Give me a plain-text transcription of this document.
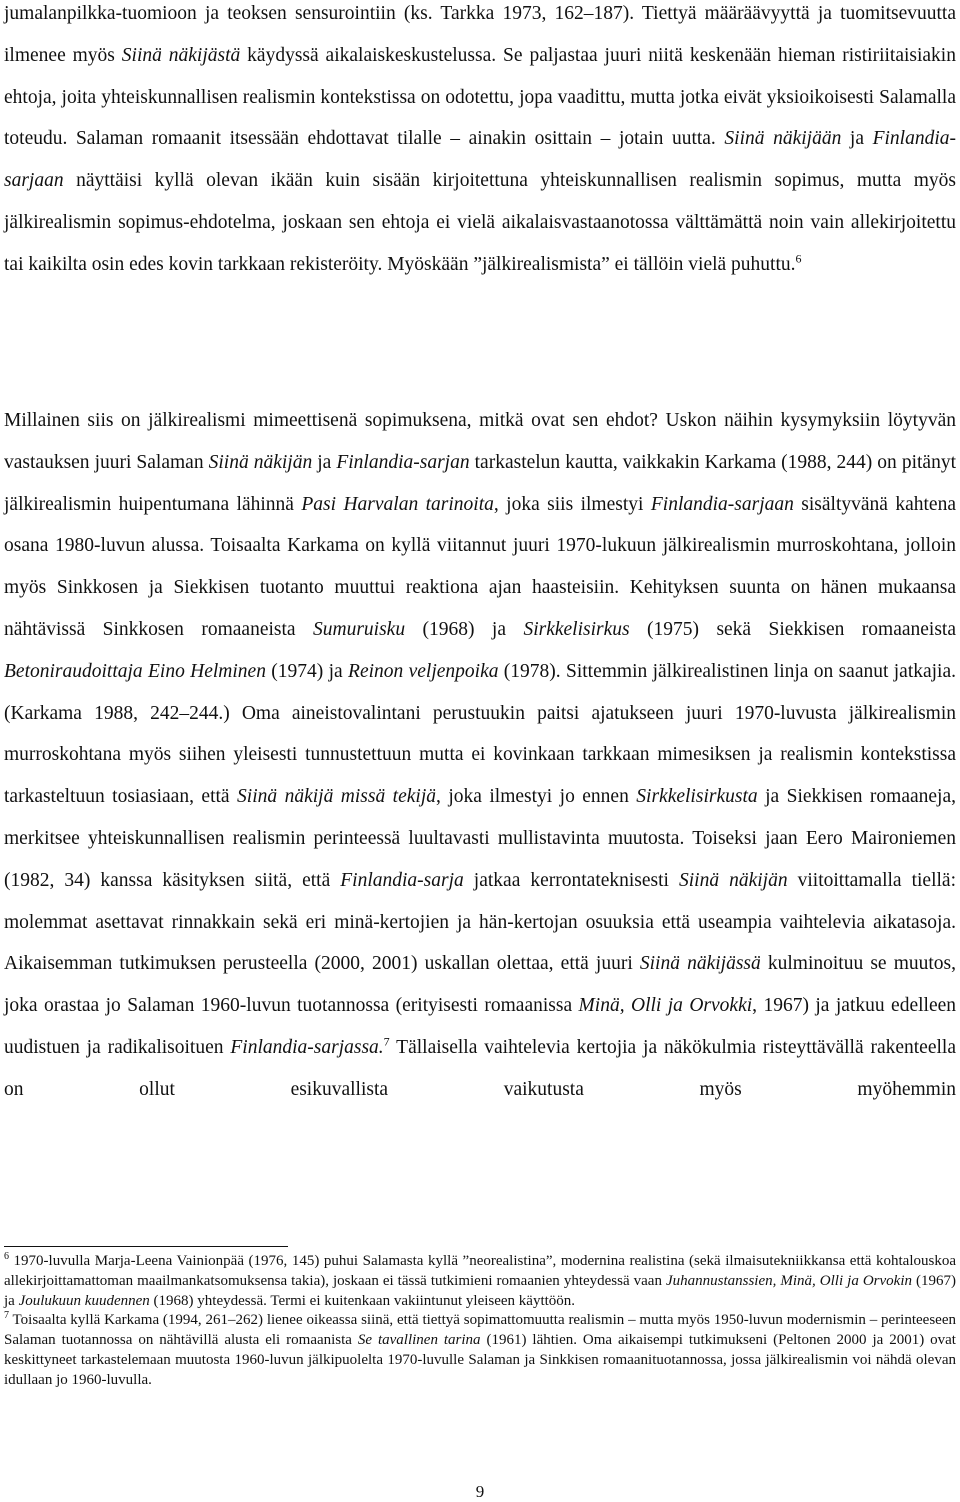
jumalanpilkka-tuomioon ja teoksen sensurointiin (ks. Tarkka 1973, 162–187). Tiettyä määräävyyttä ja tuomitsevuutta ilmenee myös Siinä näkijästä käydyssä aikalaiskeskustelussa. Se paljastaa juuri niitä keskenään hieman ristiriitaisiakin ehtoja, joita yhteiskunnallisen realismin kontekstissa on odotettu, jopa vaadittu, mutta jotka eivät yksioikoisesti Salamalla toteudu. Salaman romaanit itsessään ehdottavat tilalle – ainakin osittain – jotain uutta. Siinä näkijään ja Finlandia-sarjaan näyttäisi kyllä olevan ikään kuin sisään kirjoitettuna yhteiskunnallisen realismin sopimus, mutta myös jälkirealismin sopimus-ehdotelma, joskaan sen ehtoja ei vielä aikalaisvastaanotossa välttämättä noin vain allekirjoitettu tai kaikilta osin edes kovin tarkkaan rekisteröity. Myöskään ”jälkirealismista” ei tällöin vielä puhuttu.$^6$

Millainen siis on jälkirealismi mimeettisenä sopimuksena, mitkä ovat sen ehdot? Uskon näihin kysymyksiin löytyvän vastauksen juuri Salaman Siinä näkijän ja Finlandia-sarjan tarkastelun kautta, vaikkakin Karkama (1988, 244) on pitänyt jälkirealismin huipentumana lähinnä Pasi Harvalan tarinoita, joka siis ilmestyi Finlandia-sarjaan sisältyvänä kahtena osana 1980-luvun alussa. Toisaalta Karkama on kyllä viitannut juuri 1970-lukuun jälkirealismin murroskohtana, jolloin myös Sinkkosen ja Siekkisen tuotanto muuttui reaktiona ajan haasteisiin. Kehityksen suunta on hänen mukaansa nähtävissä Sinkkosen romaaneista Sumuruisku (1968) ja Sirkkelisirkus (1975) sekä Siekkisen romaaneista Betoniraudoittaja Eino Helminen (1974) ja Reinon veljenpoika (1978). Sittemmin jälkirealistinen linja on saanut jatkajia. (Karkama 1988, 242–244.) Oma aineistovalintani perustuukin paitsi ajatukseen juuri 1970-luvusta jälkirealismin murroskohtana myös siihen yleisesti tunnustettuun mutta ei kovinkaan tarkkaan mimesiksen ja realismin kontekstissa tarkasteltuun tosiasiaan, että Siinä näkijä missä tekijä, joka ilmestyi jo ennen Sirkkelisirkusta ja Siekkisen romaaneja, merkitsee yhteiskunnallisen realismin perinteessä luultavasti mullistavinta muutosta. Toiseksi jaan Eero Maironiemen (1982, 34) kanssa käsityksen siitä, että Finlandia-sarja jatkaa kerrontateknisesti Siinä näkijän viitoittamalla tiellä: molemmat asettavat rinnakkain sekä eri minä-kertojien ja hän-kertojan osuuksia että useampia vaihtelevia aikatasoja. Aikaisemman tutkimuksen perusteella (2000, 2001) uskallan olettaa, että juuri Siinä näkijässä kulminoituu se muutos, joka orastaa jo Salaman 1960-luvun tuotannossa (erityisesti romaanissa Minä, Olli ja Orvokki, 1967) ja jatkuu edelleen uudistuen ja radikalisoituen Finlandia-sarjassa.$^7$ Tällaisella vaihtelevia kertojia ja näkökulmia risteyttävällä rakenteella on ollut esikuvallista vaikutusta myös myöhemmin

$^6$ 1970-luvulla Marja-Leena Vainionpää (1976, 145) puhui Salamasta kyllä ”neorealistina”, modernina realistina (sekä ilmaisutekniikkansa että kohtalouskoa allekirjoittamattoman maailmankatsomuksensa takia), joskaan ei tässä tutkimieni romaanien yhteydessä vaan Juhannustanssien, Minä, Olli ja Orvokin (1967) ja Joulukuun kuudennen (1968) yhteydessä. Termi ei kuitenkaan vakiintunut yleiseen käyttöön.

$^7$ Toisaalta kyllä Karkama (1994, 261–262) lienee oikeassa siinä, että tiettyä sopimattomuutta realismin – mutta myös 1950-luvun modernismin – perinteeseen Salaman tuotannossa on nähtävillä alusta eli romaanista Se tavallinen tarina (1961) lähtien. Oma aikaisempi tutkimukseni (Peltonen 2000 ja 2001) ovat keskittyneet tarkastelemaan muutosta 1960-luvun jälkipuolelta 1970-luvulle Salaman ja Sinkkisen romaanituotannossa, jossa jälkirealismin voi nähdä olevan idullaan jo 1960-luvulla.

9
